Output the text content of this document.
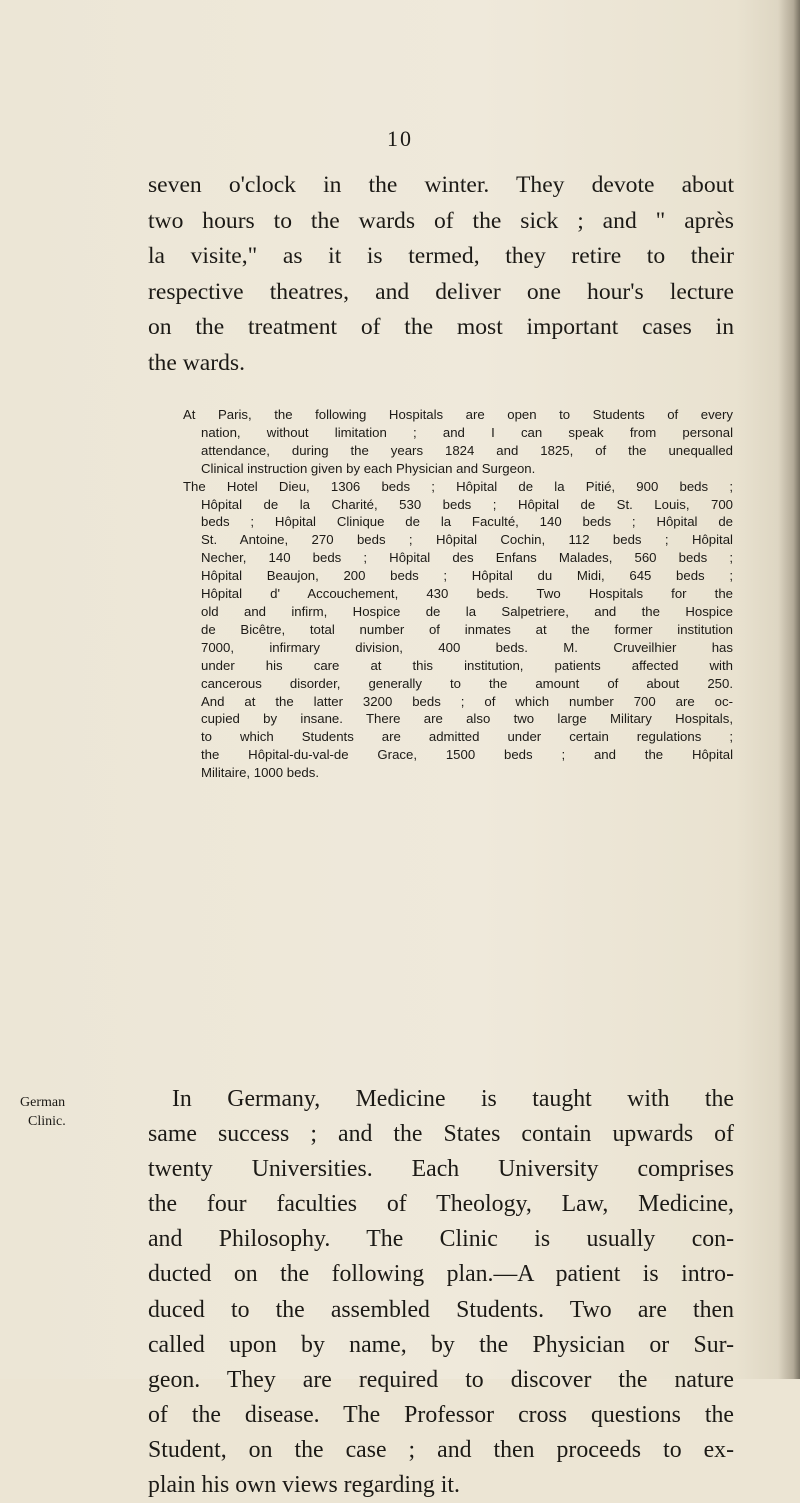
10
seven o'clock in the winter. They devote about
two hours to the wards of the sick ; and " après
la visite," as it is termed, they retire to their
respective theatres, and deliver one hour's lecture
on the treatment of the most important cases in
the wards.
At Paris, the following Hospitals are open to Students of every
nation, without limitation ; and I can speak from personal
attendance, during the years 1824 and 1825, of the unequalled
Clinical instruction given by each Physician and Surgeon.
The Hotel Dieu, 1306 beds ; Hôpital de la Pitié, 900 beds ;
Hôpital de la Charité, 530 beds ; Hôpital de St. Louis, 700
beds ; Hôpital Clinique de la Faculté, 140 beds ; Hôpital de
St. Antoine, 270 beds ; Hôpital Cochin, 112 beds ; Hôpital
Necher, 140 beds ; Hôpital des Enfans Malades, 560 beds ;
Hôpital Beaujon, 200 beds ; Hôpital du Midi, 645 beds ;
Hôpital d' Accouchement, 430 beds. Two Hospitals for the
old and infirm, Hospice de la Salpetriere, and the Hospice
de Bicêtre, total number of inmates at the former institution
7000, infirmary division, 400 beds. M. Cruveilhier has
under his care at this institution, patients affected with
cancerous disorder, generally to the amount of about 250.
And at the latter 3200 beds ; of which number 700 are oc-
cupied by insane. There are also two large Military Hospitals,
to which Students are admitted under certain regulations ;
the Hôpital-du-val-de Grace, 1500 beds ; and the Hôpital
Militaire, 1000 beds.
German
Clinic.
In Germany, Medicine is taught with the
same success ; and the States contain upwards of
twenty Universities. Each University comprises
the four faculties of Theology, Law, Medicine,
and Philosophy. The Clinic is usually con-
ducted on the following plan.—A patient is intro-
duced to the assembled Students. Two are then
called upon by name, by the Physician or Sur-
geon. They are required to discover the nature
of the disease. The Professor cross questions the
Student, on the case ; and then proceeds to ex-
plain his own views regarding it.
